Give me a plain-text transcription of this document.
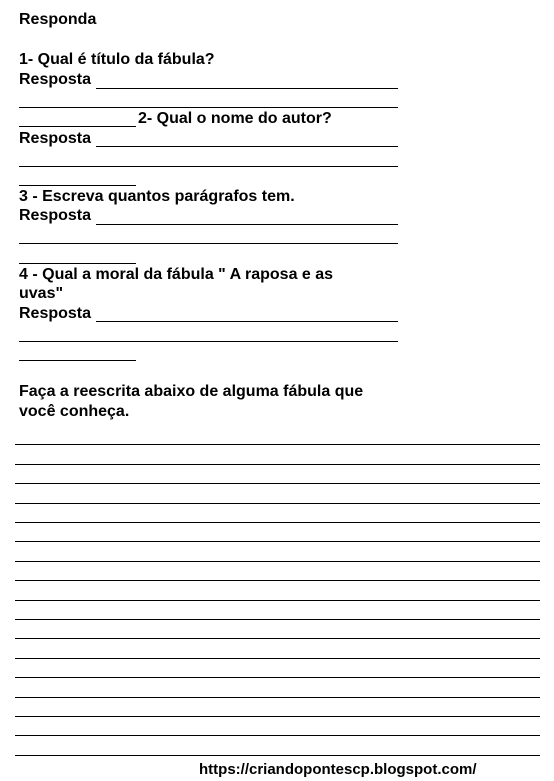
Responda
1- Qual é título da fábula?
Resposta
2- Qual o nome do autor?
Resposta
3 - Escreva quantos parágrafos tem.
Resposta
4 - Qual a moral da fábula " A raposa e as
uvas"
Resposta
Faça a reescrita abaixo de alguma fábula que
você conheça.
https://criandopontescp.blogspot.com/
